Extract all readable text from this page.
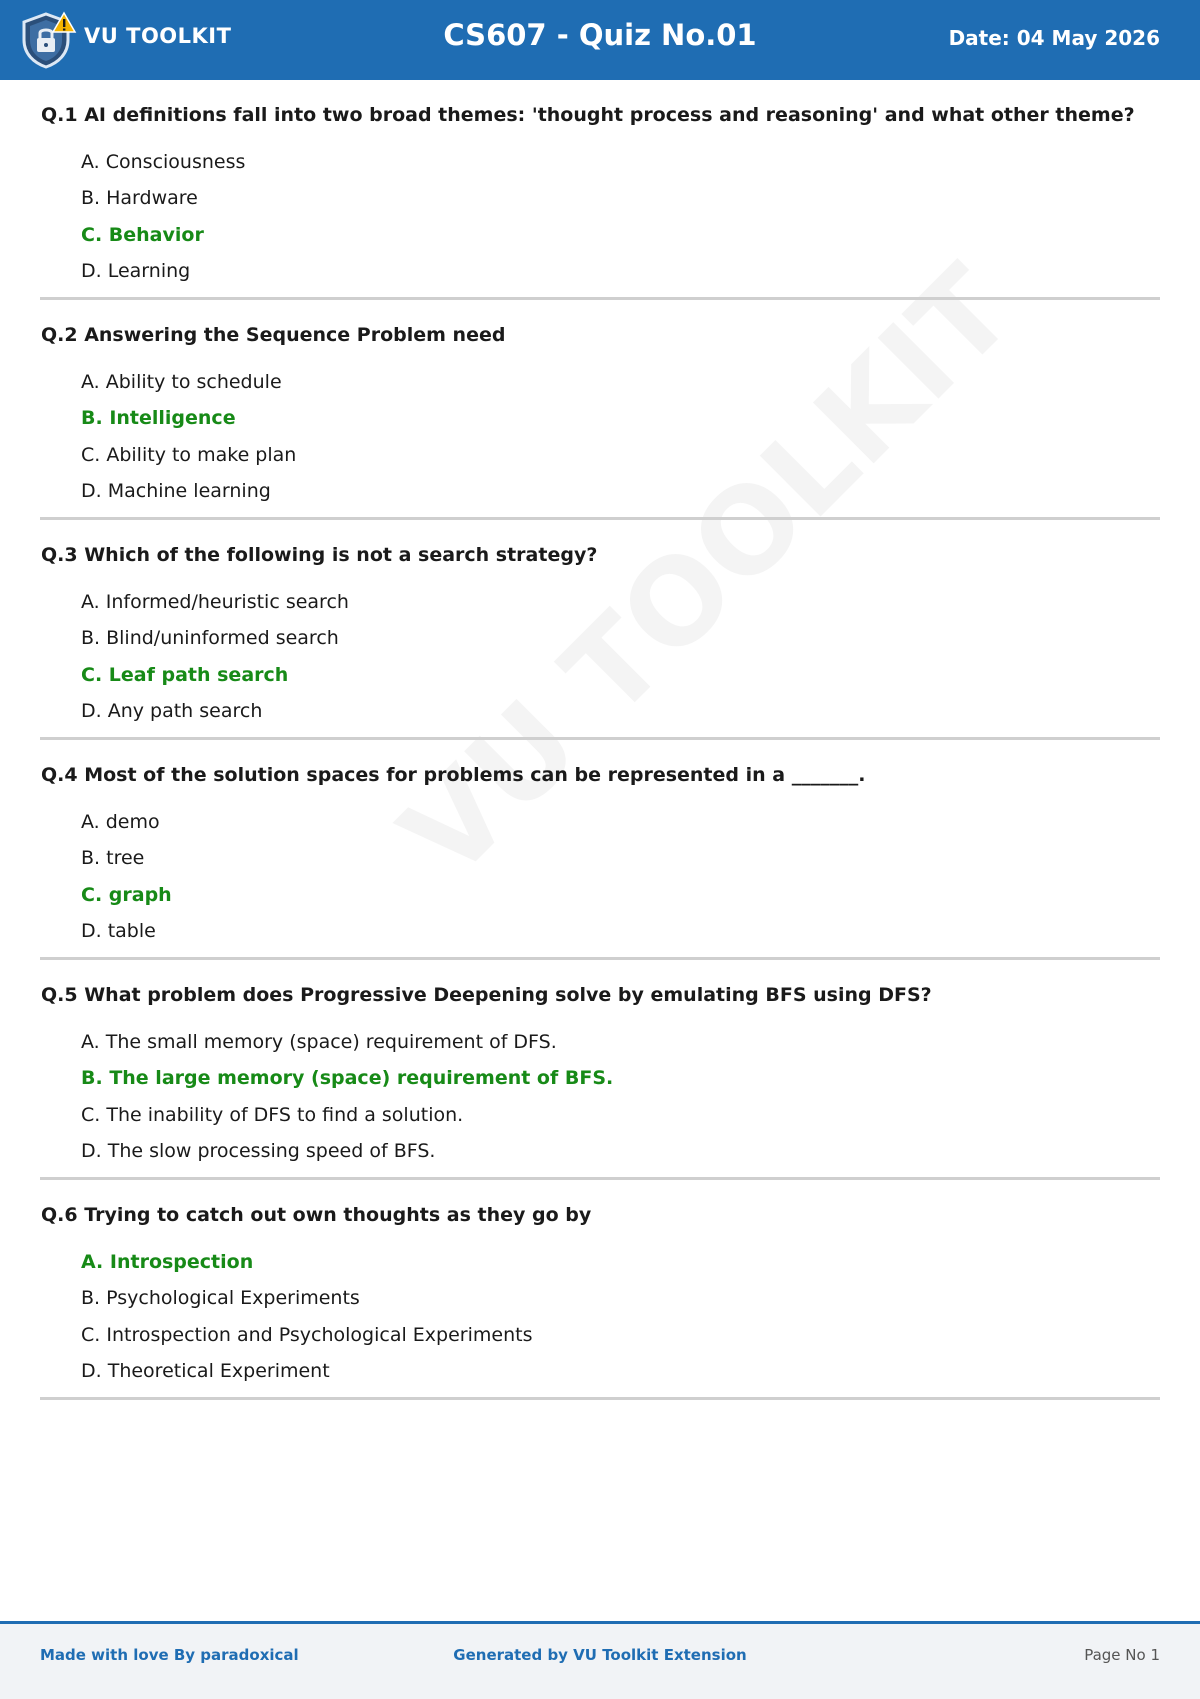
VU TOOLKIT	CS607 - Quiz No.01	Date: 04 May 2026
Q.1 AI definitions fall into two broad themes: 'thought process and reasoning' and what other theme?
A. Consciousness
B. Hardware
C. Behavior
D. Learning
Q.2 Answering the Sequence Problem need
A. Ability to schedule
B. Intelligence
C. Ability to make plan
D. Machine learning
Q.3 Which of the following is not a search strategy?
A. Informed/heuristic search
B. Blind/uninformed search
C. Leaf path search
D. Any path search
Q.4 Most of the solution spaces for problems can be represented in a _______.
A. demo
B. tree
C. graph
D. table
Q.5 What problem does Progressive Deepening solve by emulating BFS using DFS?
A. The small memory (space) requirement of DFS.
B. The large memory (space) requirement of BFS.
C. The inability of DFS to find a solution.
D. The slow processing speed of BFS.
Q.6 Trying to catch out own thoughts as they go by
A. Introspection
B. Psychological Experiments
C. Introspection and Psychological Experiments
D. Theoretical Experiment
Made with love By paradoxical	Generated by VU Toolkit Extension	Page No 1
